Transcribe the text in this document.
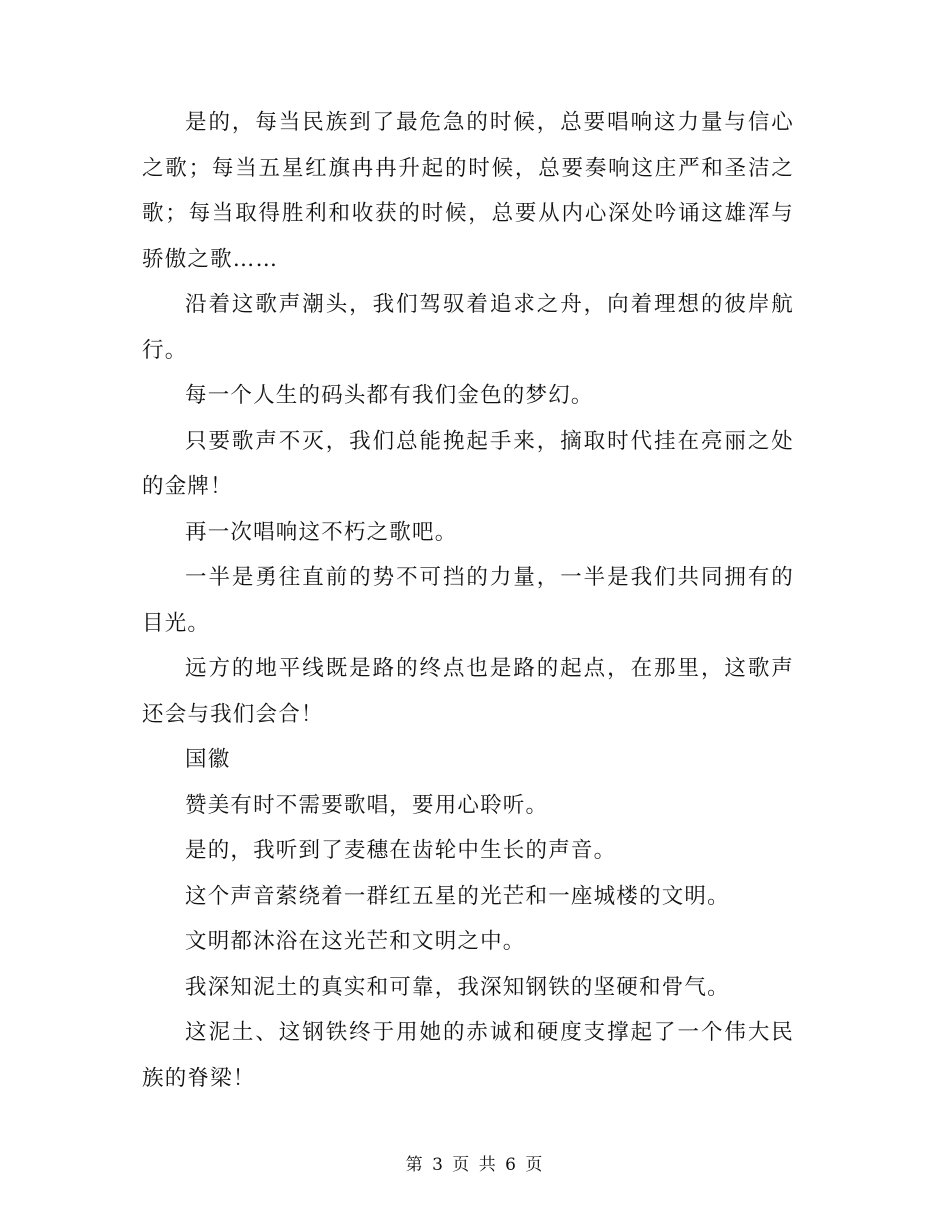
是的，每当民族到了最危急的时候，总要唱响这力量与信心之歌；每当五星红旗冉冉升起的时候，总要奏响这庄严和圣洁之歌；每当取得胜利和收获的时候，总要从内心深处吟诵这雄浑与骄傲之歌……

沿着这歌声潮头，我们驾驭着追求之舟，向着理想的彼岸航行。

每一个人生的码头都有我们金色的梦幻。

只要歌声不灭，我们总能挽起手来，摘取时代挂在亮丽之处的金牌！

再一次唱响这不朽之歌吧。

一半是勇往直前的势不可挡的力量，一半是我们共同拥有的目光。

远方的地平线既是路的终点也是路的起点，在那里，这歌声还会与我们会合！

国徽

赞美有时不需要歌唱，要用心聆听。

是的，我听到了麦穗在齿轮中生长的声音。

这个声音萦绕着一群红五星的光芒和一座城楼的文明。

文明都沐浴在这光芒和文明之中。

我深知泥土的真实和可靠，我深知钢铁的坚硬和骨气。

这泥土、这钢铁终于用她的赤诚和硬度支撑起了一个伟大民族的脊梁！

第 3 页 共 6 页
